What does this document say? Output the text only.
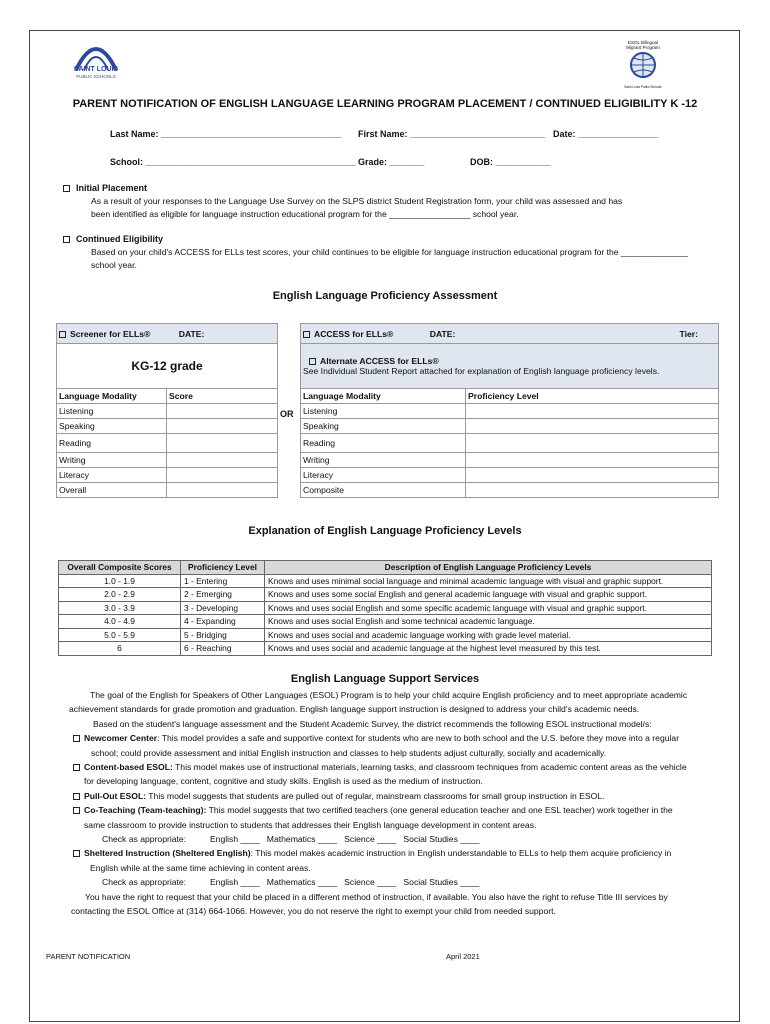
SAINT LOUIS
PUBLIC SCHOOLS
ESOL Bilingual
Migrant Program
Saint Louis Public Schools
PARENT NOTIFICATION OF ENGLISH LANGUAGE LEARNING PROGRAM PLACEMENT / CONTINUED ELIGIBILITY K -12
Last Name: ____________________________________ First Name: ___________________________ Date: ________________
School: __________________________________________ Grade: _______	DOB: ___________
Initial Placement
As a result of your responses to the Language Use Survey on the SLPS district Student Registration form, your child was assessed and has
been identified as eligible for language instruction educational program for the _________________ school year.
Continued Eligibility
Based on your child's ACCESS for ELLs test scores, your child continues to be eligible for language instruction educational program for the ______________
school year.
English Language Proficiency Assessment
Screener for ELLs® DATE:	
KG-12 grade	
Language Modality	Score
Listening	
Speaking	
Reading	
Writing	
Literacy	
Overall	
OR
ACCESS for ELLs® DATE: Tier:	

Alternate ACCESS for ELLs®
See Individual Student Report attached for explanation of English language proficiency levels.	

Language Modality	Proficiency Level
Listening	
Speaking	
Reading	
Writing	
Literacy	
Composite	
Explanation of English Language Proficiency Levels
Overall Composite Scores	Proficiency Level	Description of English Language Proficiency Levels
1.0 - 1.9	1 - Entering	Knows and uses minimal social language and minimal academic language with visual and graphic support.
2.0 - 2.9	2 - Emerging	Knows and uses some social English and general academic language with visual and graphic support.
3.0 - 3.9	3 - Developing	Knows and uses social English and some specific academic language with visual and graphic support.
4.0 - 4.9	4 - Expanding	Knows and uses social English and some technical academic language.
5.0 - 5.9	5 - Bridging	Knows and uses social and academic language working with grade level material.
6	6 - Reaching	Knows and uses social and academic language at the highest level measured by this test.
English Language Support Services
The goal of the English for Speakers of Other Languages (ESOL) Program is to help your child acquire English proficiency and to meet appropriate academic
achievement standards for grade promotion and graduation. English language support instruction is designed to address your child's academic needs.
Based on the student's language assessment and the Student Academic Survey, the district recommends the following ESOL instructional model/s:
Newcomer Center: This model provides a safe and supportive context for students who are new to both school and the U.S. before they move into a regular
school; could provide assessment and initial English instruction and classes to help students adjust culturally, socially and academically.
Content-based ESOL: This model makes use of instructional materials, learning tasks, and classroom techniques from academic content areas as the vehicle
for developing language, content, cognitive and study skills. English is used as the medium of instruction.
Pull-Out ESOL: This model suggests that students are pulled out of regular, mainstream classrooms for small group instruction in ESOL.
Co-Teaching (Team-teaching): This model suggests that two certified teachers (one general education teacher and one ESL teacher) work together in the
same classroom to provide instruction to students that addresses their English language development in content areas.
Check as appropriate:          English ____   Mathematics ____   Science ____   Social Studies ____
Sheltered Instruction (Sheltered English): This model makes academic instruction in English understandable to ELLs to help them acquire proficiency in
English while at the same time achieving in content areas.
Check as appropriate:          English ____   Mathematics ____   Science ____   Social Studies ____
You have the right to request that your child be placed in a different method of instruction, if available. You also have the right to refuse Title III services by
contacting the ESOL Office at (314) 664-1066. However, you do not reserve the right to exempt your child from needed support.
PARENT NOTIFICATION	April 2021
